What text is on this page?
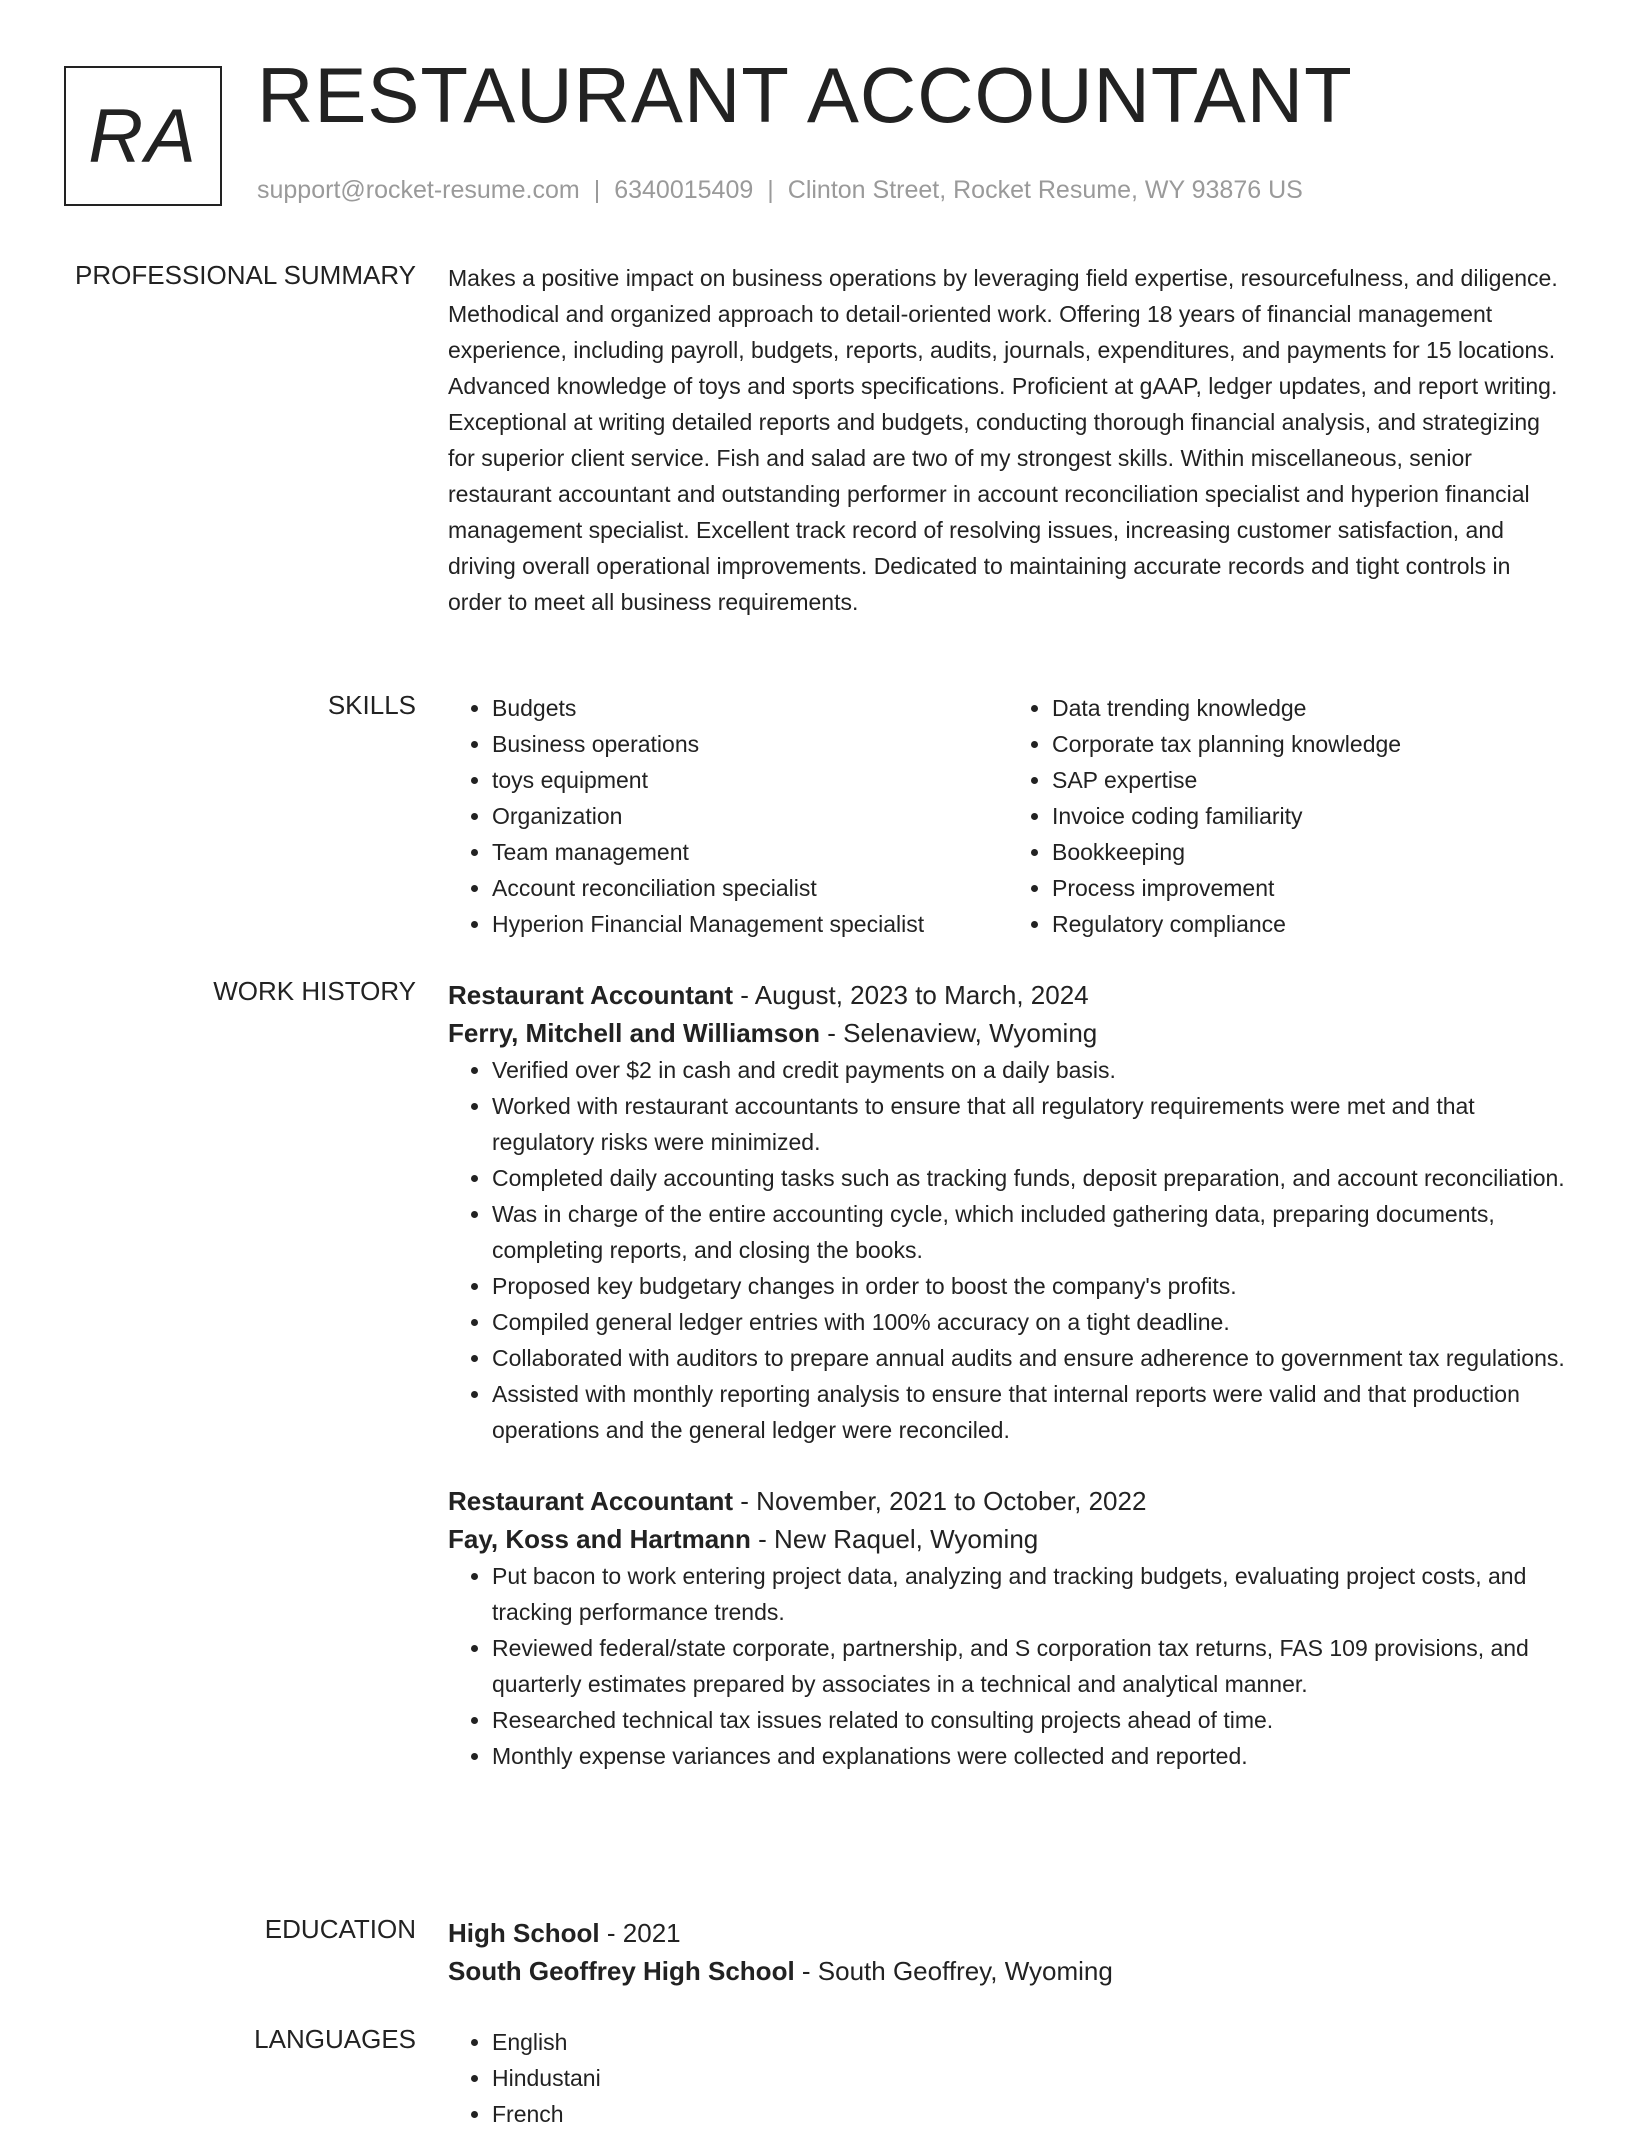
RA RESTAURANT ACCOUNTANT
support@rocket-resume.com | 6340015409 | Clinton Street, Rocket Resume, WY 93876 US
PROFESSIONAL SUMMARY Makes a positive impact on business operations by leveraging field expertise, resourcefulness, and diligence. Methodical and organized approach to detail-oriented work. Offering 18 years of financial management experience, including payroll, budgets, reports, audits, journals, expenditures, and payments for 15 locations. Advanced knowledge of toys and sports specifications. Proficient at gAAP, ledger updates, and report writing. Exceptional at writing detailed reports and budgets, conducting thorough financial analysis, and strategizing for superior client service. Fish and salad are two of my strongest skills. Within miscellaneous, senior restaurant accountant and outstanding performer in account reconciliation specialist and hyperion financial management specialist. Excellent track record of resolving issues, increasing customer satisfaction, and driving overall operational improvements. Dedicated to maintaining accurate records and tight controls in order to meet all business requirements.

SKILLS	• Budgets
• Business operations
• toys equipment
• Organization
• Team management
• Account reconciliation specialist
• Hyperion Financial Management specialist
• Data trending knowledge
• Corporate tax planning knowledge
• SAP expertise
• Invoice coding familiarity
• Bookkeeping
• Process improvement
• Regulatory compliance
WORK HISTORY Restaurant Accountant - August, 2023 to March, 2024
Ferry, Mitchell and Williamson - Selenaview, Wyoming
• Verified over $2 in cash and credit payments on a daily basis.
• Worked with restaurant accountants to ensure that all regulatory requirements were met and that regulatory risks were minimized.
• Completed daily accounting tasks such as tracking funds, deposit preparation, and account reconciliation.
• Was in charge of the entire accounting cycle, which included gathering data, preparing documents, completing reports, and closing the books.
• Proposed key budgetary changes in order to boost the company's profits.
• Compiled general ledger entries with 100% accuracy on a tight deadline.
• Collaborated with auditors to prepare annual audits and ensure adherence to government tax regulations.
• Assisted with monthly reporting analysis to ensure that internal reports were valid and that production operations and the general ledger were reconciled.
Restaurant Accountant - November, 2021 to October, 2022
Fay, Koss and Hartmann - New Raquel, Wyoming
• Put bacon to work entering project data, analyzing and tracking budgets, evaluating project costs, and tracking performance trends.
• Reviewed federal/state corporate, partnership, and S corporation tax returns, FAS 109 provisions, and quarterly estimates prepared by associates in a technical and analytical manner.
• Researched technical tax issues related to consulting projects ahead of time.
• Monthly expense variances and explanations were collected and reported.
EDUCATION High School - 2021
South Geoffrey High School - South Geoffrey, Wyoming
LANGUAGES	• English
• Hindustani
• French
